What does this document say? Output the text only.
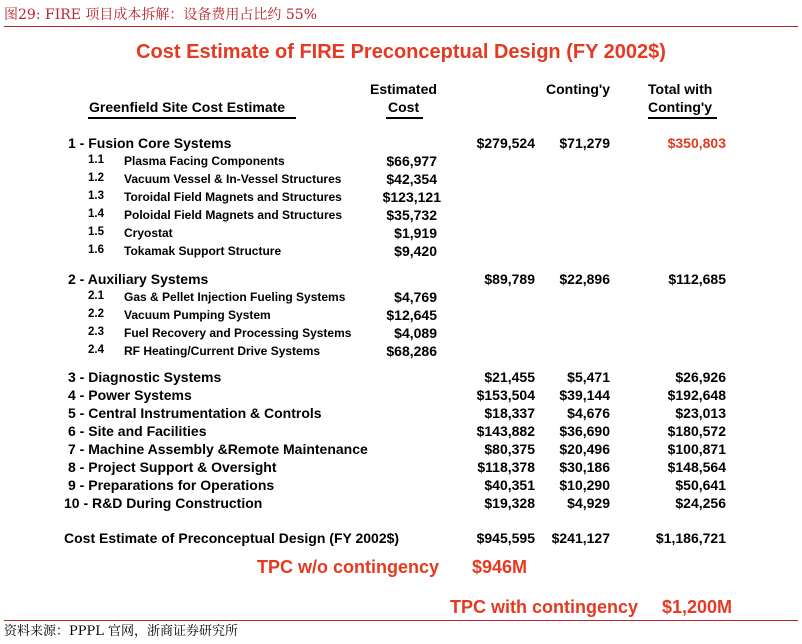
图29: FIRE 项目成本拆解：设备费用占比约 55%
Cost Estimate of FIRE Preconceptual Design (FY 2002$)
Greenfield Site Cost Estimate
Estimated
Cost
Conting'y	Total with
Conting'y
1 - Fusion Core Systems	$279,524	$71,279	$350,803
1.1 Plasma Facing Components	$66,977
1.2 Vacuum Vessel & In-Vessel Structures	$42,354
1.3 Toroidal Field Magnets and Structures	$123,121
1.4 Poloidal Field Magnets and Structures	$35,732
1.5 Cryostat	$1,919
1.6 Tokamak Support Structure	$9,420
2 - Auxiliary Systems	$89,789	$22,896	$112,685
2.1 Gas & Pellet Injection Fueling Systems	$4,769
2.2 Vacuum Pumping System	$12,645
2.3 Fuel Recovery and Processing Systems	$4,089
2.4 RF Heating/Current Drive Systems	$68,286
3 - Diagnostic Systems	$21,455	$5,471	$26,926
4 - Power Systems	$153,504	$39,144	$192,648
5 - Central Instrumentation & Controls	$18,337	$4,676	$23,013
6 - Site and Facilities	$143,882	$36,690	$180,572
7 - Machine Assembly &Remote Maintenance	$80,375	$20,496	$100,871
8 - Project Support & Oversight	$118,378	$30,186	$148,564
9 - Preparations for Operations	$40,351	$10,290	$50,641
10 - R&D During Construction	$19,328	$4,929	$24,256
Cost Estimate of Preconceptual Design (FY 2002$)	$945,595	$241,127	$1,186,721
TPC w/o contingency $946M
TPC with contingency $1,200M
资料来源：PPPL 官网，浙商证券研究所
